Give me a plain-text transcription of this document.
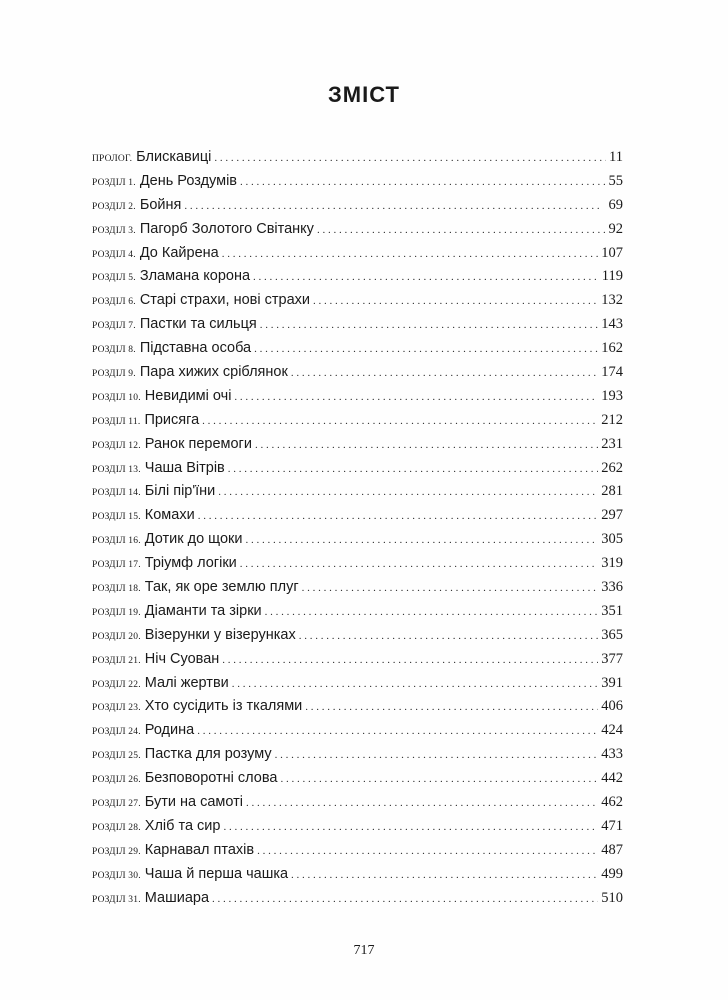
ЗМІСТ
ПРОЛОГ. Блискавиці . . .	11
РОЗДІЛ 1. День Роздумів . . .	55
РОЗДІЛ 2. Бойня . . .	69
РОЗДІЛ 3. Пагорб Золотого Світанку . . .	92
РОЗДІЛ 4. До Кайрена . . .	107
РОЗДІЛ 5. Зламана корона . . .	119
РОЗДІЛ 6. Старі страхи, нові страхи . . .	132
РОЗДІЛ 7. Пастки та сильця . . .	143
РОЗДІЛ 8. Підставна особа . . .	162
РОЗДІЛ 9. Пара хижих сріблянок . . .	174
РОЗДІЛ 10. Невидимі очі . . .	193
РОЗДІЛ 11. Присяга . . .	212
РОЗДІЛ 12. Ранок перемоги . . .	231
РОЗДІЛ 13. Чаша Вітрів . . .	262
РОЗДІЛ 14. Білі пір'їни . . .	281
РОЗДІЛ 15. Комахи . . .	297
РОЗДІЛ 16. Дотик до щоки . . .	305
РОЗДІЛ 17. Тріумф логіки . . .	319
РОЗДІЛ 18. Так, як оре землю плуг . . .	336
РОЗДІЛ 19. Діаманти та зірки . . .	351
РОЗДІЛ 20. Візерунки у візерунках . . .	365
РОЗДІЛ 21. Ніч Суован . . .	377
РОЗДІЛ 22. Малі жертви . . .	391
РОЗДІЛ 23. Хто сусідить із ткалями . . .	406
РОЗДІЛ 24. Родина . . .	424
РОЗДІЛ 25. Пастка для розуму . . .	433
РОЗДІЛ 26. Безповоротні слова . . .	442
РОЗДІЛ 27. Бути на самоті . . .	462
РОЗДІЛ 28. Хліб та сир . . .	471
РОЗДІЛ 29. Карнавал птахів . . .	487
РОЗДІЛ 30. Чаша й перша чашка . . .	499
РОЗДІЛ 31. Машиара . . .	510
717
